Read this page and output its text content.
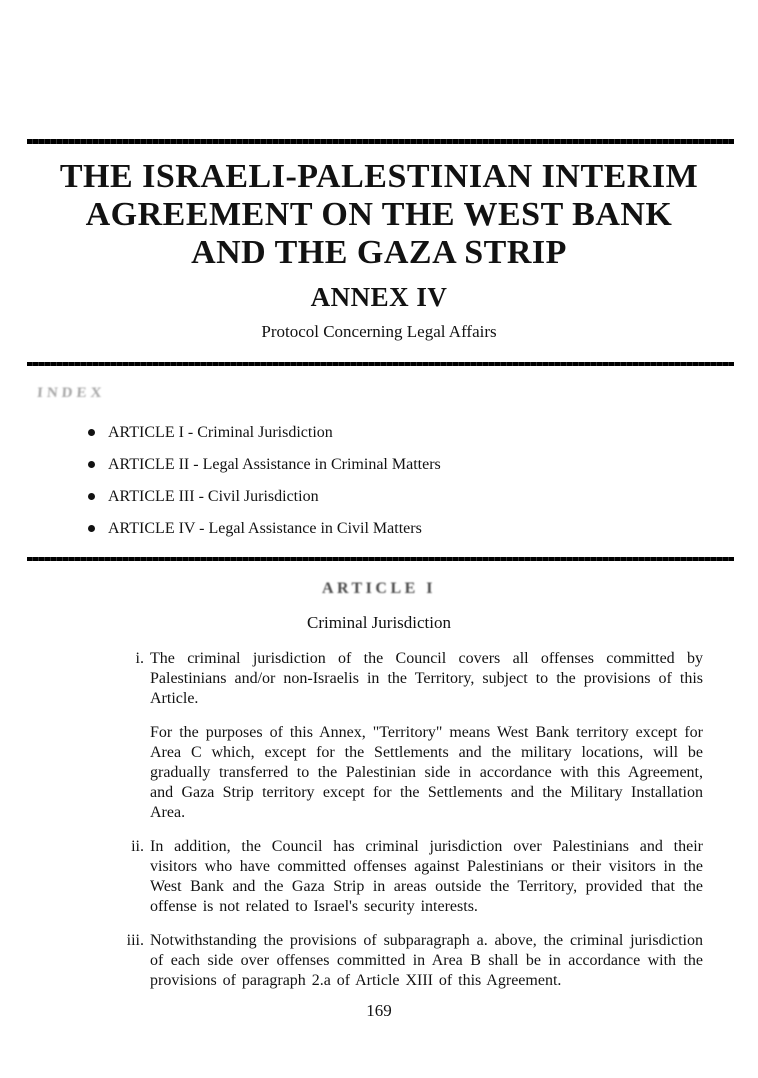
THE ISRAELI-PALESTINIAN INTERIM
AGREEMENT ON THE WEST BANK
AND THE GAZA STRIP
ANNEX IV
Protocol Concerning Legal Affairs
INDEX
ARTICLE I - Criminal Jurisdiction
ARTICLE II - Legal Assistance in Criminal Matters
ARTICLE III - Civil Jurisdiction
ARTICLE IV - Legal Assistance in Civil Matters
ARTICLE I
Criminal Jurisdiction
i. The criminal jurisdiction of the Council covers all offenses committed by Palestinians and/or non-Israelis in the Territory, subject to the provisions of this Article.
For the purposes of this Annex, "Territory" means West Bank territory except for Area C which, except for the Settlements and the military locations, will be gradually transferred to the Palestinian side in accordance with this Agreement, and Gaza Strip territory except for the Settlements and the Military Installation Area.
ii. In addition, the Council has criminal jurisdiction over Palestinians and their visitors who have committed offenses against Palestinians or their visitors in the West Bank and the Gaza Strip in areas outside the Territory, provided that the offense is not related to Israel's security interests.
iii. Notwithstanding the provisions of subparagraph a. above, the criminal jurisdiction of each side over offenses committed in Area B shall be in accordance with the provisions of paragraph 2.a of Article XIII of this Agreement.
169
